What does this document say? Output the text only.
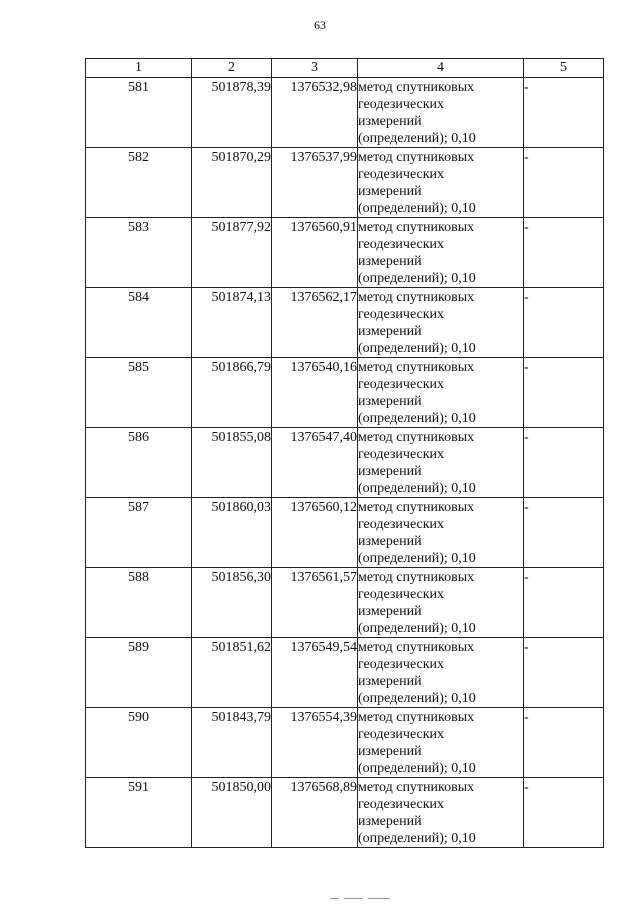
63
1	2	3	4	5
581	501878,39	1376532,98	метод спутниковых
геодезических
измерений
(определений); 0,10	-
582	501870,29	1376537,99	метод спутниковых
геодезических
измерений
(определений); 0,10	-
583	501877,92	1376560,91	метод спутниковых
геодезических
измерений
(определений); 0,10	-
584	501874,13	1376562,17	метод спутниковых
геодезических
измерений
(определений); 0,10	-
585	501866,79	1376540,16	метод спутниковых
геодезических
измерений
(определений); 0,10	-
586	501855,08	1376547,40	метод спутниковых
геодезических
измерений
(определений); 0,10	-
587	501860,03	1376560,12	метод спутниковых
геодезических
измерений
(определений); 0,10	-
588	501856,30	1376561,57	метод спутниковых
геодезических
измерений
(определений); 0,10	-
589	501851,62	1376549,54	метод спутниковых
геодезических
измерений
(определений); 0,10	-
590	501843,79	1376554,39	метод спутниковых
геодезических
измерений
(определений); 0,10	-
591	501850,00	1376568,89	метод спутниковых
геодезических
измерений
(определений); 0,10	-
